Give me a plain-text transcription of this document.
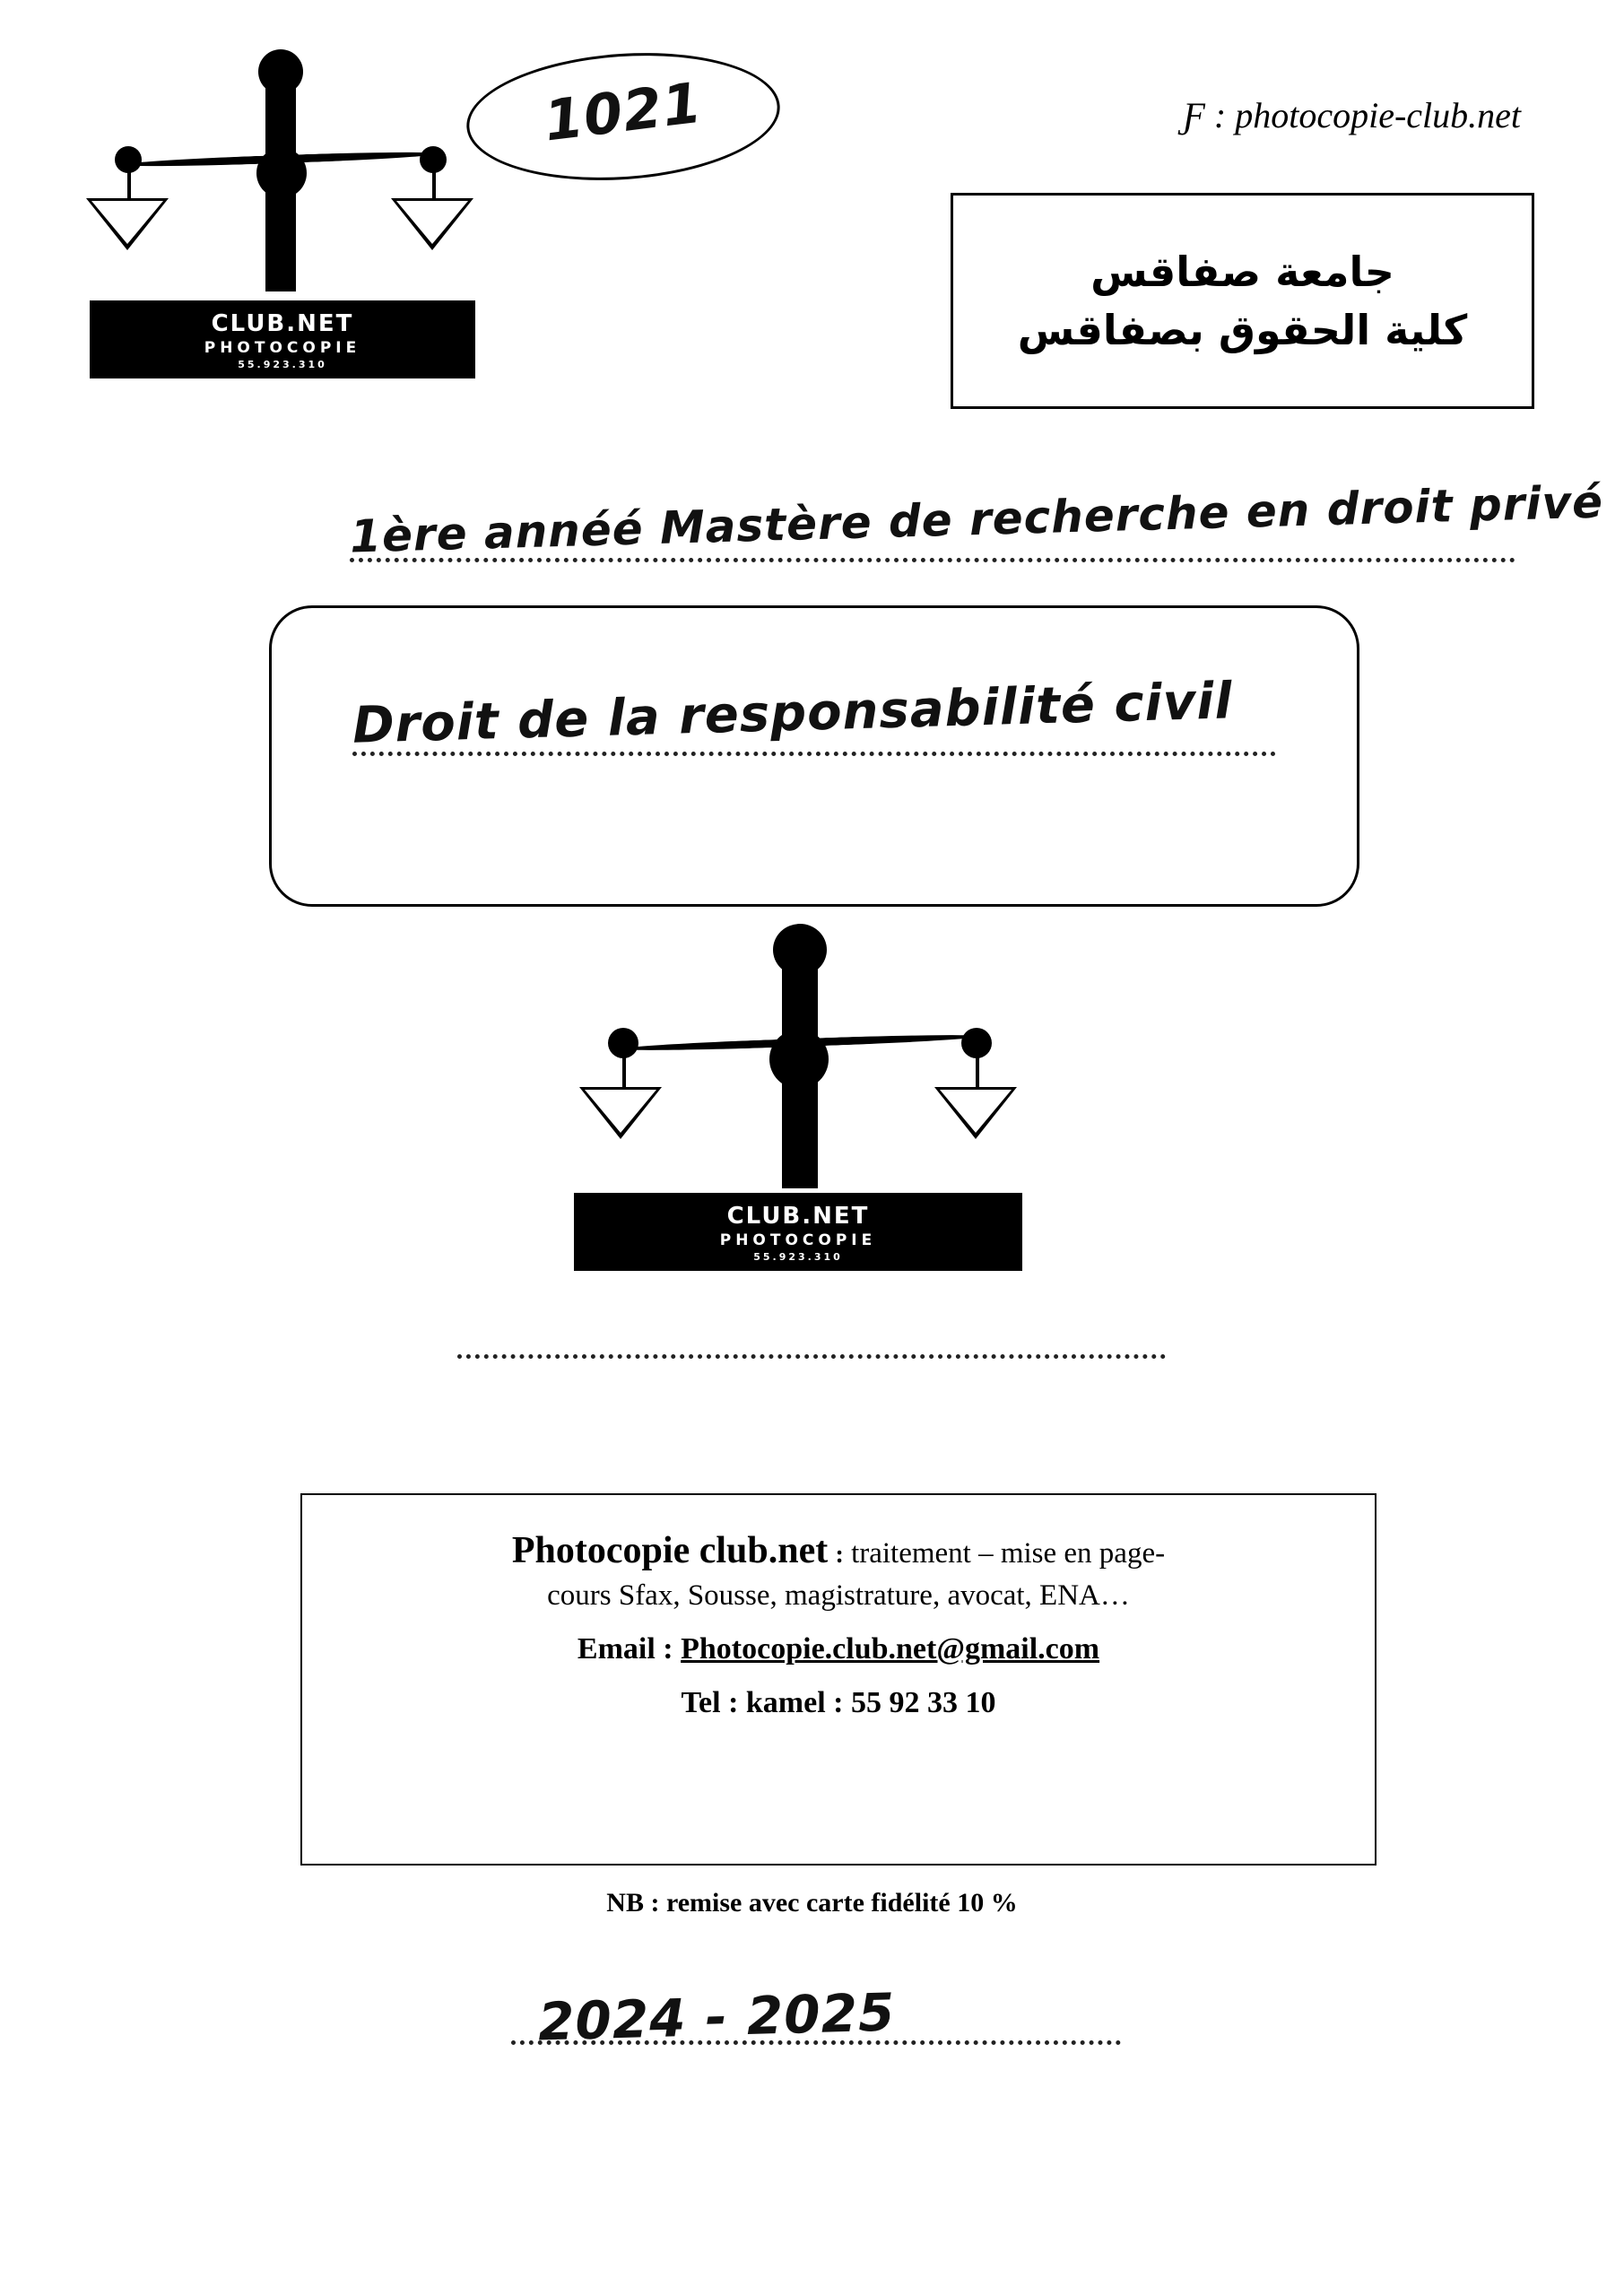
CLUB.NET
PHOTOCOPIE
55.923.310
1021	Ƒ : photocopie-club.net
جامعة صفاقس
كلية الحقوق بصفاقس
1ère annéé Mastère de recherche en droit privé
Droit de la responsabilité civil
CLUB.NET
PHOTOCOPIE
55.923.310
Photocopie club.net : traitement – mise en page-
cours Sfax, Sousse, magistrature, avocat, ENA…
Email : Photocopie.club.net@gmail.com
Tel : kamel : 55 92 33 10
NB : remise avec carte fidélité 10 %
2024 - 2025
